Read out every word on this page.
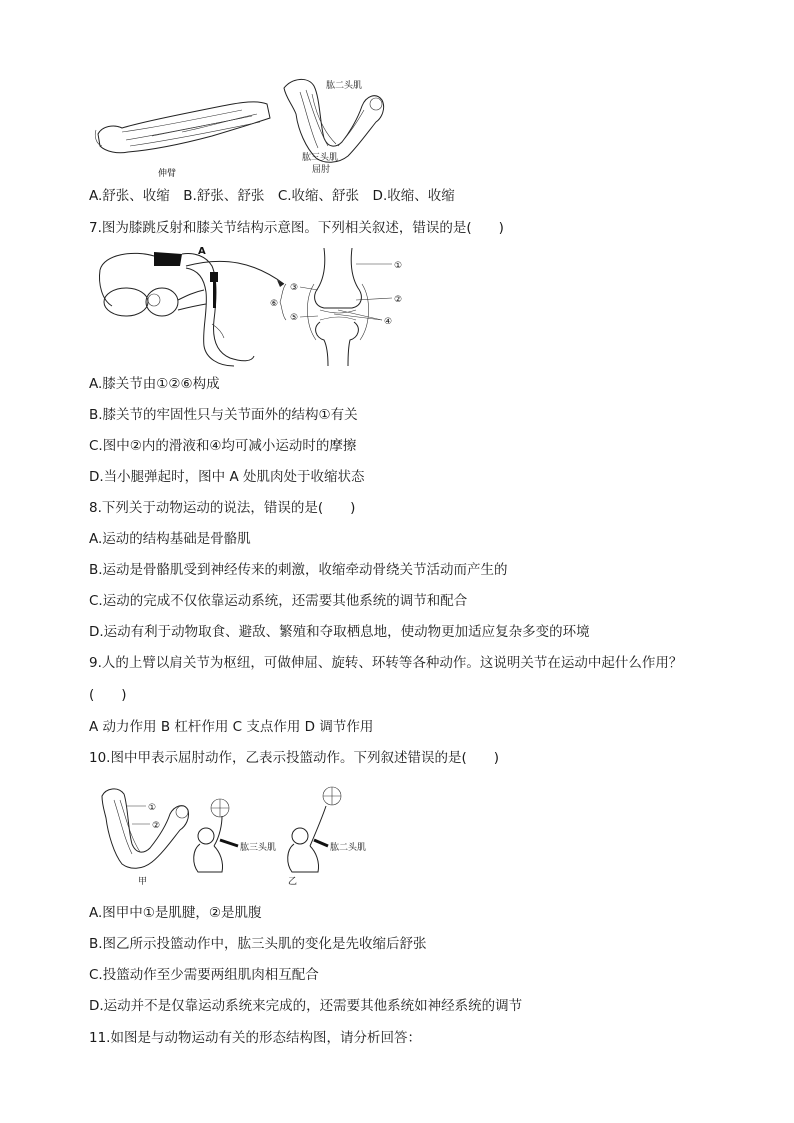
伸臂
肱二头肌
肱三头肌
屈肘
A.舒张、收缩　B.舒张、舒张　C.收缩、舒张　D.收缩、收缩
7.图为膝跳反射和膝关节结构示意图。下列相关叙述，错误的是(　　)
A
①
②
③
④
⑤
⑥
A.膝关节由①②⑥构成
B.膝关节的牢固性只与关节面外的结构①有关
C.图中②内的滑液和④均可减小运动时的摩擦
D.当小腿弹起时，图中 A 处肌肉处于收缩状态
8.下列关于动物运动的说法，错误的是(　　)
A.运动的结构基础是骨骼肌
B.运动是骨骼肌受到神经传来的刺激，收缩牵动骨绕关节活动而产生的
C.运动的完成不仅依靠运动系统，还需要其他系统的调节和配合
D.运动有利于动物取食、避敌、繁殖和夺取栖息地，使动物更加适应复杂多变的环境
9.人的上臂以肩关节为枢纽，可做伸屈、旋转、环转等各种动作。这说明关节在运动中起什么作用？
(　　)
A 动力作用 B 杠杆作用 C 支点作用 D 调节作用
10.图中甲表示屈肘动作，乙表示投篮动作。下列叙述错误的是(　　)
①
②
甲
肱三头肌	肱二头肌
乙
A.图甲中①是肌腱，②是肌腹
B.图乙所示投篮动作中，肱三头肌的变化是先收缩后舒张
C.投篮动作至少需要两组肌肉相互配合
D.运动并不是仅靠运动系统来完成的，还需要其他系统如神经系统的调节
11.如图是与动物运动有关的形态结构图，请分析回答：
